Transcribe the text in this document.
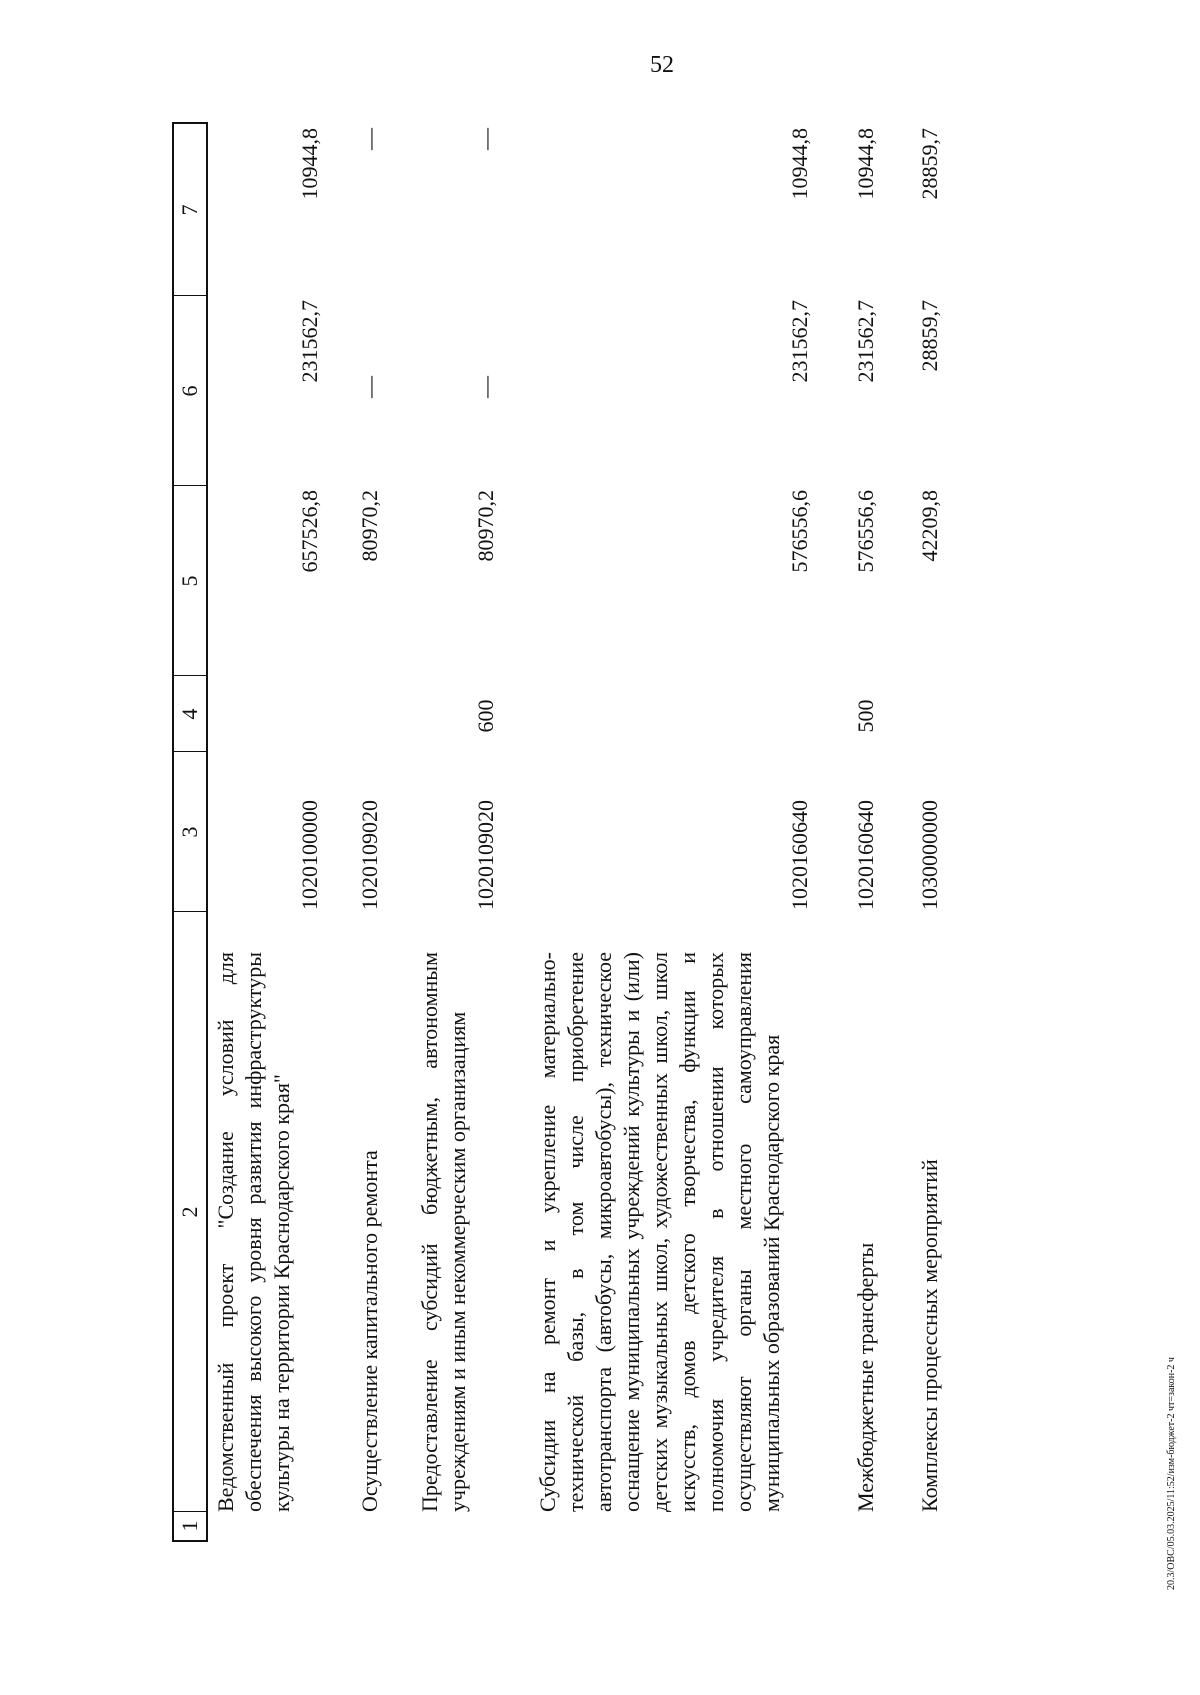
52
1
2
3
4
5
6
7
Ведомственный проект "Создание условий для обеспечения высокого уровня развития инфраструктуры культуры на территории Краснодарского края"
1020100000
657526,8
231562,7
10944,8
Осуществление капитального ремонта
1020109020
80970,2
—
—
Предоставление субсидий бюджетным, автономным учреждениям и иным некоммерческим организациям
1020109020
600
80970,2
—
—
Субсидии на ремонт и укрепление материально-технической базы, в том числе приобретение автотранспорта (автобусы, микроавтобусы), техническое оснащение муниципальных учреждений культуры и (или) детских музыкальных школ, художественных школ, школ искусств, домов детского творчества, функции и полномочия учредителя в отношении которых осуществляют органы местного самоуправления муниципальных образований Краснодарского края
1020160640
576556,6
231562,7
10944,8
Межбюджетные трансферты
1020160640
500
576556,6
231562,7
10944,8
Комплексы процессных мероприятий
1030000000
42209,8
28859,7
28859,7
20.3/OBC/05.03.2025/11:52/изм-бюджет-2 чт=закон-2 ч
